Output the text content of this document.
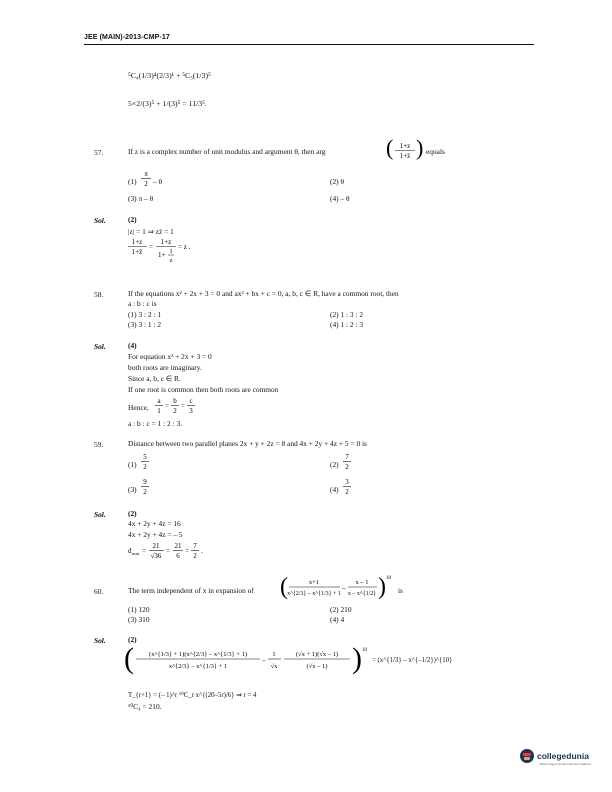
JEE (MAIN)-2013-CMP-17
⁵C₄(1/3)⁴(2/3)¹ + ⁵C₅(1/3)⁵
5×2/(3)⁵ + 1/(3)⁵ = 11/3⁵.
57.	If z is a complex number of unit modulus and argument θ, then arg	( 1+z
1+z̄ ) equals
(1)
π
2 – θ	(2) θ
(3) π – θ	(4) – θ
Sol.	(2)
|z| = 1 ⇒ zz̄ = 1
1+z
1+z̄
=
1+z
1+ 1
z
= z .
58.	If the equations x² + 2x + 3 = 0 and ax² + bx + c = 0, a, b, c ∈ R, have a common root, then
a : b : c is
(1) 3 : 2 : 1	(2) 1 : 3 : 2
(3) 3 : 1 : 2	(4) 1 : 2 : 3
Sol.	(4)
For equation x² + 2x + 3 = 0
both roots are imaginary.
Since a, b, c ∈ R.
If one root is common then both roots are common
Hence,
a
1
=
b
2
=
c
3
a : b : c = 1 : 2 : 3.
59.	Distance between two parallel planes 2x + y + 2z = 8 and 4x + 2y + 4z + 5 = 0 is
(1)
5
2	(2)
7
2
(3)
9
2	(4)
3
2
Sol.	(2)
4x + 2y + 4z = 16
4x + 2y + 4z = – 5
d min =
21
√36
=
21
6
=
7
2
.
60.	The term independent of x in expansion of (	x+1
x^{2/3} – x^{1/3} + 1
–
x – 1
x – x^{1/2} ) 10
is
(1) 120	(2) 210
(3) 310	(4) 4
Sol.	(2)
( (x^{1/3} + 1)(x^{2/3} – x^{1/3} + 1)
x^{2/3} – x^{1/3} + 1
–
1
√x
(√x + 1)(√x – 1)
(√x – 1) ) 10
= (x^{1/3} – x^{–1/2})^{10}
T_{r+1} = (– 1)^r ¹⁰C_r x^{(20–5r)/6} ⇒ r = 4
¹⁰C₄ = 210.
collegedunia
India's largest Student Review Platform
